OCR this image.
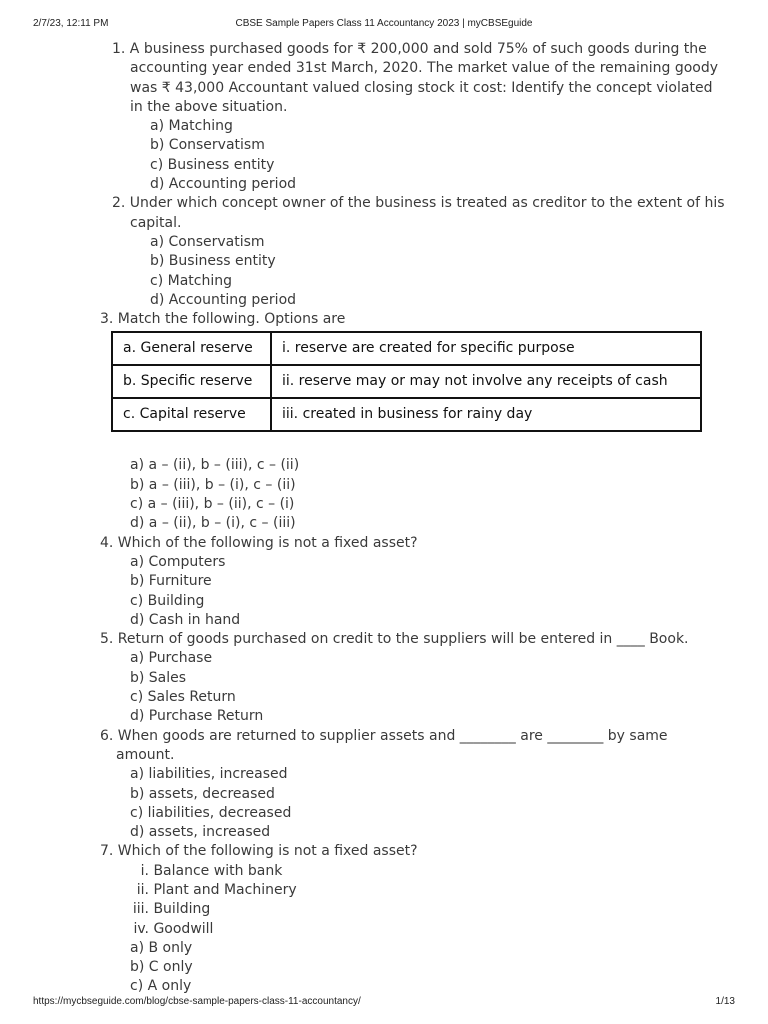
2/7/23, 12:11 PM	CBSE Sample Papers Class 11 Accountancy 2023 | myCBSEguide
1. A business purchased goods for ₹ 200,000 and sold 75% of such goods during the accounting year ended 31st March, 2020. The market value of the remaining goody was ₹ 43,000 Accountant valued closing stock it cost: Identify the concept violated in the above situation.
a) Matching
b) Conservatism
c) Business entity
d) Accounting period
2. Under which concept owner of the business is treated as creditor to the extent of his capital.
a) Conservatism
b) Business entity
c) Matching
d) Accounting period
3. Match the following. Options are
a. General reserve	i. reserve are created for specific purpose
b. Specific reserve	ii. reserve may or may not involve any receipts of cash
c. Capital reserve	iii. created in business for rainy day
a) a – (ii), b – (iii), c – (ii)
b) a – (iii), b – (i), c – (ii)
c) a – (iii), b – (ii), c – (i)
d) a – (ii), b – (i), c – (iii)
4. Which of the following is not a fixed asset?
a) Computers
b) Furniture
c) Building
d) Cash in hand
5. Return of goods purchased on credit to the suppliers will be entered in ____ Book.
a) Purchase
b) Sales
c) Sales Return
d) Purchase Return
6. When goods are returned to supplier assets and ________ are ________ by same amount.
a) liabilities, increased
b) assets, decreased
c) liabilities, decreased
d) assets, increased
7. Which of the following is not a fixed asset?
i. Balance with bank
ii. Plant and Machinery
iii. Building
iv. Goodwill
a) B only
b) C only
c) A only
https://mycbseguide.com/blog/cbse-sample-papers-class-11-accountancy/	1/13
